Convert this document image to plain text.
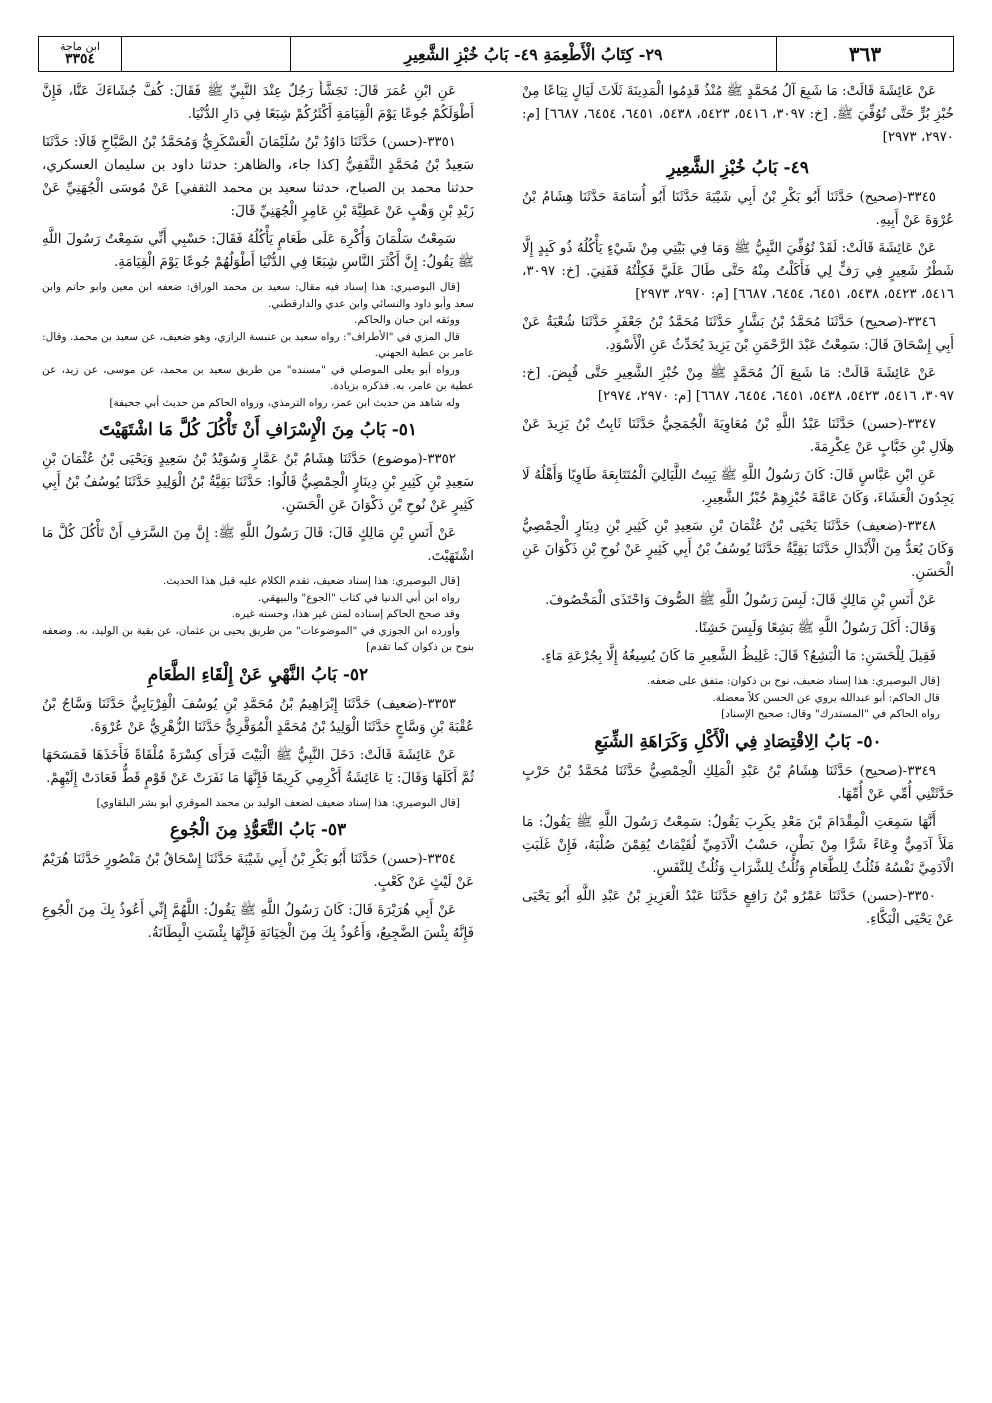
٣٦٣
٢٩- كِتَابُ الْأَطْعِمَةِ ٤٩- بَابُ خُبْزِ الشَّعِيرِ
ابن ماجة
٣٣٥٤

عَنْ عَائِشَةَ قَالَتْ: مَا شَبِعَ آلُ مُحَمَّدٍ ﷺ مُنْذُ قَدِمُوا الْمَدِينَةَ ثَلَاثَ لَيَالٍ تِبَاعًا مِنْ خُبْزِ بُرٍّ حَتَّى تُوُفِّيَ ﷺ. [خ: ٣٠٩٧، ٥٤١٦، ٥٤٢٣، ٥٤٣٨، ٦٤٥١، ٦٤٥٤، ٦٦٨٧] [م: ٢٩٧٠، ٢٩٧٣]

٤٩- بَابُ خُبْزِ الشَّعِيرِ

٣٣٤٥-(صحيح) حَدَّثَنَا أَبُو بَكْرِ بْنُ أَبِي شَيْبَةَ حَدَّثَنَا أَبُو أُسَامَةَ حَدَّثَنَا هِشَامُ بْنُ عُرْوَةَ عَنْ أَبِيهِ.

عَنْ عَائِشَةَ قَالَتْ: لَقَدْ تُوُفِّيَ النَّبِيُّ ﷺ وَمَا فِي بَيْتِي مِنْ شَيْءٍ يَأْكُلُهُ ذُو كَبِدٍ إِلَّا شَطْرُ شَعِيرٍ فِي رَفٍّ لِي فَأَكَلْتُ مِنْهُ حَتَّى طَالَ عَلَيَّ فَكِلْتُهُ فَفَنِيَ. [خ: ٣٠٩٧، ٥٤١٦، ٥٤٢٣، ٥٤٣٨، ٦٤٥١، ٦٤٥٤، ٦٦٨٧] [م: ٢٩٧٠، ٢٩٧٣]

٣٣٤٦-(صحيح) حَدَّثَنَا مُحَمَّدُ بْنُ بَشَّارٍ حَدَّثَنَا مُحَمَّدُ بْنُ جَعْفَرٍ حَدَّثَنَا شُعْبَةُ عَنْ أَبِي إِسْحَاقَ قَالَ: سَمِعْتُ عَبْدَ الرَّحْمَنِ بْنَ يَزِيدَ يُحَدِّثُ عَنِ الْأَسْوَدِ.

عَنْ عَائِشَةَ قَالَتْ: مَا شَبِعَ آلُ مُحَمَّدٍ ﷺ مِنْ خُبْزِ الشَّعِيرِ حَتَّى قُبِضَ. [خ: ٣٠٩٧، ٥٤١٦، ٥٤٢٣، ٥٤٣٨، ٦٤٥١، ٦٤٥٤، ٦٦٨٧] [م: ٢٩٧٠، ٢٩٧٤]

٣٣٤٧-(حسن) حَدَّثَنَا عَبْدُ اللَّهِ بْنُ مُعَاوِيَةَ الْجُمَحِيُّ حَدَّثَنَا ثَابِتُ بْنُ يَزِيدَ عَنْ هِلَالِ بْنِ خَبَّابٍ عَنْ عِكْرِمَةَ.

عَنِ ابْنِ عَبَّاسٍ قَالَ: كَانَ رَسُولُ اللَّهِ ﷺ يَبِيتُ اللَّيَالِيَ الْمُتَتَابِعَةَ طَاوِيًا وَأَهْلُهُ لَا يَجِدُونَ الْعَشَاءَ، وَكَانَ عَامَّةَ خُبْزِهِمْ خُبْزُ الشَّعِيرِ.

٣٣٤٨-(ضعيف) حَدَّثَنَا يَحْيَى بْنُ عُثْمَانَ بْنِ سَعِيدِ بْنِ كَثِيرِ بْنِ دِينَارٍ الْحِمْصِيُّ وَكَانَ يُعَدُّ مِنَ الْأَبْدَالِ حَدَّثَنَا بَقِيَّةُ حَدَّثَنَا يُوسُفُ بْنُ أَبِي كَثِيرٍ عَنْ نُوحِ بْنِ ذَكْوَانَ عَنِ الْحَسَنِ.

عَنْ أَنَسِ بْنِ مَالِكٍ قَالَ: لَبِسَ رَسُولُ اللَّهِ ﷺ الصُّوفَ وَاحْتَذَى الْمَخْصُوفَ.

وَقَالَ: أَكَلَ رَسُولُ اللَّهِ ﷺ بَشِعًا وَلَبِسَ خَشِنًا.

فَقِيلَ لِلْحَسَنِ: مَا الْبَشِعُ؟ قَالَ: غَلِيظُ الشَّعِيرِ مَا كَانَ يُسِيغُهُ إِلَّا بِجُرْعَةِ مَاءٍ.

[قال البوصيري: هذا إسناد ضعيف، نوح بن ذكوان: متفق على ضعفه.

قال الحاكم: أبو عبدالله يروي عن الحسن كلاً معضلة.

رواه الحاكم في "المستدرك" وقال: صحيح الإسناد]

٥٠- بَابُ الِاقْتِصَادِ فِي الْأَكْلِ وَكَرَاهَةِ الشِّبَعِ

٣٣٤٩-(صحيح) حَدَّثَنَا هِشَامُ بْنُ عَبْدِ الْمَلِكِ الْحِمْصِيُّ حَدَّثَنَا مُحَمَّدُ بْنُ حَرْبٍ حَدَّثَتْنِي أُمِّي عَنْ أُمِّهَا.

أَنَّهَا سَمِعَتِ الْمِقْدَامَ بْنَ مَعْدِ يكَرِبَ يَقُولُ: سَمِعْتُ رَسُولَ اللَّهِ ﷺ يَقُولُ: مَا مَلَأَ آدَمِيٌّ وِعَاءً شَرًّا مِنْ بَطْنٍ، حَسْبُ الْآدَمِيِّ لُقَيْمَاتٌ يُقِمْنَ صُلْبَهُ، فَإِنْ غَلَبَتِ الْآدَمِيَّ نَفْسُهُ فَثُلُثٌ لِلطَّعَامِ وَثُلُثٌ لِلشَّرَابِ وَثُلُثٌ لِلنَّفَسِ.

٣٣٥٠-(حسن) حَدَّثَنَا عَمْرُو بْنُ رَافِعٍ حَدَّثَنَا عَبْدُ الْعَزِيزِ بْنُ عَبْدِ اللَّهِ أَبُو يَحْيَى عَنْ يَحْيَى الْبَكَّاءِ.

عَنِ ابْنِ عُمَرَ قَالَ: تَجَشَّأَ رَجُلٌ عِنْدَ النَّبِيِّ ﷺ فَقَالَ: كُفَّ جُشَاءَكَ عَنَّا، فَإِنَّ أَطْوَلَكُمْ جُوعًا يَوْمَ الْقِيَامَةِ أَكْثَرُكُمْ شِبَعًا فِي دَارِ الدُّنْيَا.

٣٣٥١-(حسن) حَدَّثَنَا دَاوُدُ بْنُ سُلَيْمَانَ الْعَسْكَرِيُّ وَمُحَمَّدُ بْنُ الصَّبَّاحِ قَالَا: حَدَّثَنَا سَعِيدُ بْنُ مُحَمَّدٍ الثَّقَفِيُّ [كذا جاء، والظاهر: حدثنا داود بن سليمان العسكري، حدثنا محمد بن الصباح، حدثنا سعيد بن محمد الثقفي] عَنْ مُوسَى الْجُهَنِيِّ عَنْ زَيْدِ بْنِ وَهْبٍ عَنْ عَطِيَّةَ بْنِ عَامِرٍ الْجُهَنِيِّ قَالَ:

سَمِعْتُ سَلْمَانَ وَأُكْرِهَ عَلَى طَعَامٍ يَأْكُلُهُ فَقَالَ: حَسْبِي أَنِّي سَمِعْتُ رَسُولَ اللَّهِ ﷺ يَقُولُ: إِنَّ أَكْثَرَ النَّاسِ شِبَعًا فِي الدُّنْيَا أَطْوَلُهُمْ جُوعًا يَوْمَ الْقِيَامَةِ.

[قال البوصيري: هذا إسناد فيه مقال: سعيد بن محمد الوراق: ضعفه ابن معين وابو حاتم وابن سعد وأبو داود والنسائي وابن عدي والدارقطني.

ووثقه ابن حبان والحاكم.

قال المزي في "الأطراف": رواه سعيد بن عنبسة الرازي، وهو ضعيف، عن سعيد بن محمد. وقال: عامر بن عطية الجهني.

ورواه أبو يعلى الموصلي في "مسنده" من طريق سعيد بن محمد، عن موسى، عن زيد، عن عطية بن عامر، به. فذكره بزيادة.

وله شاهد من حديث ابن عمر، رواه الترمذي، ورواه الحاكم من حديث أبي جحيفة]

٥١- بَابُ مِنَ الْإِسْرَافِ أَنْ تَأْكُلَ كُلَّ مَا اشْتَهَيْتَ

٣٣٥٢-(موضوع) حَدَّثَنَا هِشَامُ بْنُ عَمَّارٍ وَسُوَيْدُ بْنُ سَعِيدٍ وَيَحْيَى بْنُ عُثْمَانَ بْنِ سَعِيدِ بْنِ كَثِيرِ بْنِ دِينَارٍ الْحِمْصِيُّ قَالُوا: حَدَّثَنَا بَقِيَّةُ بْنُ الْوَلِيدِ حَدَّثَنَا يُوسُفُ بْنُ أَبِي كَثِيرٍ عَنْ نُوحِ بْنِ ذَكْوَانَ عَنِ الْحَسَنِ.

عَنْ أَنَسِ بْنِ مَالِكٍ قَالَ: قَالَ رَسُولُ اللَّهِ ﷺ: إِنَّ مِنَ السَّرَفِ أَنْ تَأْكُلَ كُلَّ مَا اشْتَهَيْتَ.

[قال البوصيري: هذا إسناد ضعيف، تقدم الكلام عليه قبل هذا الحديث.

رواه ابن أبي الدنيا في كتاب "الجوع" والبيهقي.

وقد صحح الحاكم إسناده لمتن غير هذا، وحسنه غيره.

وأورده ابن الجوزي في "الموضوعات" من طريق يحيى بن عثمان، عن بقية بن الوليد، به. وضعفه بنوح بن ذكوان كما تقدم]

٥٢- بَابُ النَّهْيِ عَنْ إِلْقَاءِ الطَّعَامِ

٣٣٥٣-(ضعيف) حَدَّثَنَا إِبْرَاهِيمُ بْنُ مُحَمَّدِ بْنِ يُوسُفَ الْفِرْيَابِيُّ حَدَّثَنَا وَسَّاجُ بْنُ عُقْبَةَ بْنِ وَسَّاجٍ حَدَّثَنَا الْوَلِيدُ بْنُ مُحَمَّدٍ الْمُوَقَّرِيُّ حَدَّثَنَا الزُّهْرِيُّ عَنْ عُرْوَةَ.

عَنْ عَائِشَةَ قَالَتْ: دَخَلَ النَّبِيُّ ﷺ الْبَيْتَ فَرَأَى كِسْرَةً مُلْقَاةً فَأَخَذَهَا فَمَسَحَهَا ثُمَّ أَكَلَهَا وَقَالَ: يَا عَائِشَةُ أَكْرِمِي كَرِيمًا فَإِنَّهَا مَا نَفَرَتْ عَنْ قَوْمٍ قَطُّ فَعَادَتْ إِلَيْهِمْ.

[قال البوصيري: هذا إسناد ضعيف لضعف الوليد بن محمد الموقري أبو بشر البلقاوي]

٥٣- بَابُ التَّعَوُّذِ مِنَ الْجُوعِ

٣٣٥٤-(حسن) حَدَّثَنَا أَبُو بَكْرِ بْنُ أَبِي شَيْبَةَ حَدَّثَنَا إِسْحَاقُ بْنُ مَنْصُورٍ حَدَّثَنَا هُرَيْمٌ عَنْ لَيْثٍ عَنْ كَعْبٍ.

عَنْ أَبِي هُرَيْرَةَ قَالَ: كَانَ رَسُولُ اللَّهِ ﷺ يَقُولُ: اللَّهُمَّ إِنِّي أَعُوذُ بِكَ مِنَ الْجُوعِ فَإِنَّهُ بِئْسَ الضَّجِيعُ، وَأَعُوذُ بِكَ مِنَ الْخِيَانَةِ فَإِنَّهَا بِئْسَتِ الْبِطَانَةُ.
